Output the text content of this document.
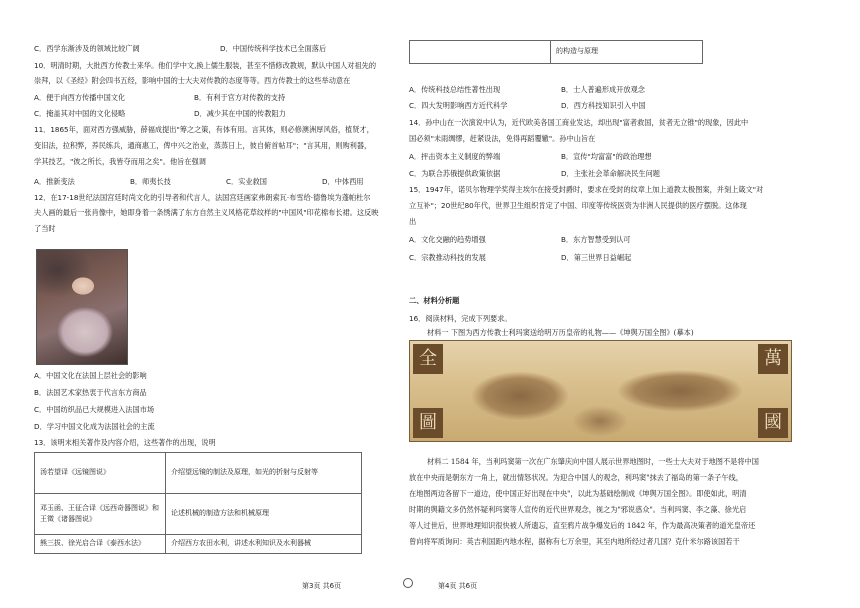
C．西学东渐涉及的领域比较广阔	D．中国传统科学技术已全面落后
10．明清时期，大批西方传教士来华。他们学中文,换上儒生服装，甚至不惜修改教规，默认中国人对祖先的
崇拜，以《圣经》附会四书五经，影响中国的士大夫对传教的态度等等。西方传教士的这些举动意在
A．便于向西方传播中国文化	B．有利于官方对传教的支持
C．掩盖其对中国的文化侵略	D．减少其在中国的传教阻力
11．1865年，面对西方强威胁，薛福成提出"筹之之策，有体有用。言其体，则必修澳洲厚风俗，植贤才，
变旧法，拉积弊，养民练兵，通商惠工，俾中兴之治业，蒸蒸日上，彼自俯首帖耳"；"言其用，则购利器，
学其技艺，"彼之所长，我皆夺而用之矣"。他旨在强调
A．推新变法	B．师夷长技	C．实业救国	D．中体西用
12．在17-18世纪法国宫廷时尚文化的引导者和代言人，法国宫廷画家弗朗索瓦·布雪给·德鲁埃为蓬帕杜尔
夫人画的最后一张肖像中，她即身着一条绣满了东方自然主义风格花草纹样的"中国风"印花棉布长裙。这反映
了当时
A．中国文化在法国上层社会的影响
B．法国艺术家热衷于代言东方商品
C．中国纺织品已大规模进入法国市场
D．学习中国文化成为法国社会的主流
13．该明末相关著作及内容介绍，这些著作的出现，说明
汤若望译《远镜图说》	介绍望远镜的制法及原理，如光的折射与反射等
邓玉函、王征合译《远西奇器图说》和王徵《诸器图说》	论述机械的制造方法和机械原理
熊三拔、徐光启合译《泰西水法》	介绍西方农田水利，讲述水利知识及水利器械
	的构造与原理
A．传统科技总结性著性出现	B．士人普遍形成开放观念
C．四大发明影响西方近代科学	D．西方科技知识引入中国
14．孙中山在一次演说中认为，近代欧美各国工商业发达，却出现"富者救国，贫者无立锥"的现象，因此中
国必须"未雨绸缪，赶紧设法，免得再蹈覆辙"。孙中山旨在
A．抨击资本主义制度的弊端	B．宣传"均富富"的政治理想
C．为联合苏俄提供政策依据	D．主张社会革命解决民生问题
15．1947年，诺贝尔物理学奖得主埃尔在接受封爵时，要求在受封的纹章上加上道教太极图案，并刻上箴文"对
立互补"；20世纪80年代，世界卫生组织肯定了中国、印度等传统医资为非洲人民提供的医疗摆脱。这体现
出
A．文化交融的趋势增强	B．东方智慧受到认可
C．宗教推动科技的发展	D．第三世界日益崛起
二、材料分析题
16．阅读材料，完成下列要求。
材料一 下图为西方传教士利玛窦送给明万历皇帝的礼物——《坤舆万国全图》(摹本)
全	萬
圖	國
材料二 1584 年，当利玛窦第一次在广东肇庆向中国人展示世界地图时，一些士大夫对于地图不是将中国
放在中央而是朝东方一角上，就出情怒状况。为迎合中国人的观念，利玛窦"抹去了福岛的第一条子午线，
在地图两边各留下一道边，使中国正好出现在中央"，以此为基础绘制成《坤舆万国全图》。即使如此，明清
时期的舆籍文多仍然怀疑利玛窦等人宣传的近代世界观念，视之为"邪说惑众"。当利玛窦、李之藻、徐光启
等人过世后，世界地理知识很快被人所遗忘，直至鸦片战争爆发后的 1842 年，作为最高决策者的道光皇帝还
曾向将军质询问：英吉利国距内地水程，据称有七万余里，其至内地所经过者几国？克什米尔路该国若干
第3页 共6页	第4页 共6页
